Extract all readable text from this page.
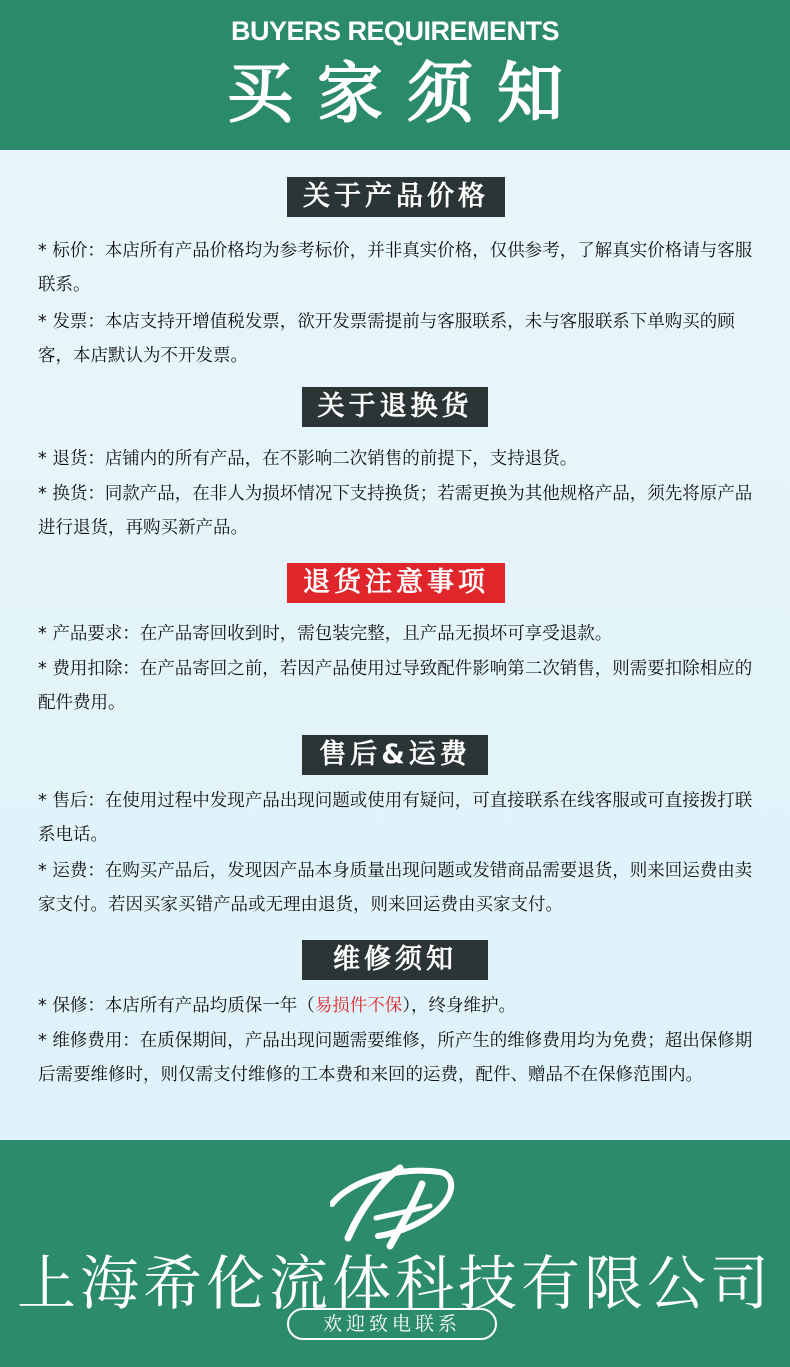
BUYERS REQUIREMENTS
买家须知
关于产品价格
* 标价：本店所有产品价格均为参考标价，并非真实价格，仅供参考，了解真实价格请与客服联系。
* 发票：本店支持开增值税发票，欲开发票需提前与客服联系，未与客服联系下单购买的顾客，本店默认为不开发票。
关于退换货
* 退货：店铺内的所有产品，在不影响二次销售的前提下，支持退货。
* 换货：同款产品，在非人为损坏情况下支持换货；若需更换为其他规格产品，须先将原产品进行退货，再购买新产品。
退货注意事项
* 产品要求：在产品寄回收到时，需包装完整，且产品无损坏可享受退款。
* 费用扣除：在产品寄回之前，若因产品使用过导致配件影响第二次销售，则需要扣除相应的配件费用。
售后&运费
* 售后：在使用过程中发现产品出现问题或使用有疑问，可直接联系在线客服或可直接拨打联系电话。
* 运费：在购买产品后，发现因产品本身质量出现问题或发错商品需要退货，则来回运费由卖家支付。若因买家买错产品或无理由退货，则来回运费由买家支付。
维修须知
* 保修：本店所有产品均质保一年（易损件不保），终身维护。
* 维修费用：在质保期间，产品出现问题需要维修，所产生的维修费用均为免费；超出保修期后需要维修时，则仅需支付维修的工本费和来回的运费，配件、赠品不在保修范围内。
上海希伦流体科技有限公司
欢迎致电联系
